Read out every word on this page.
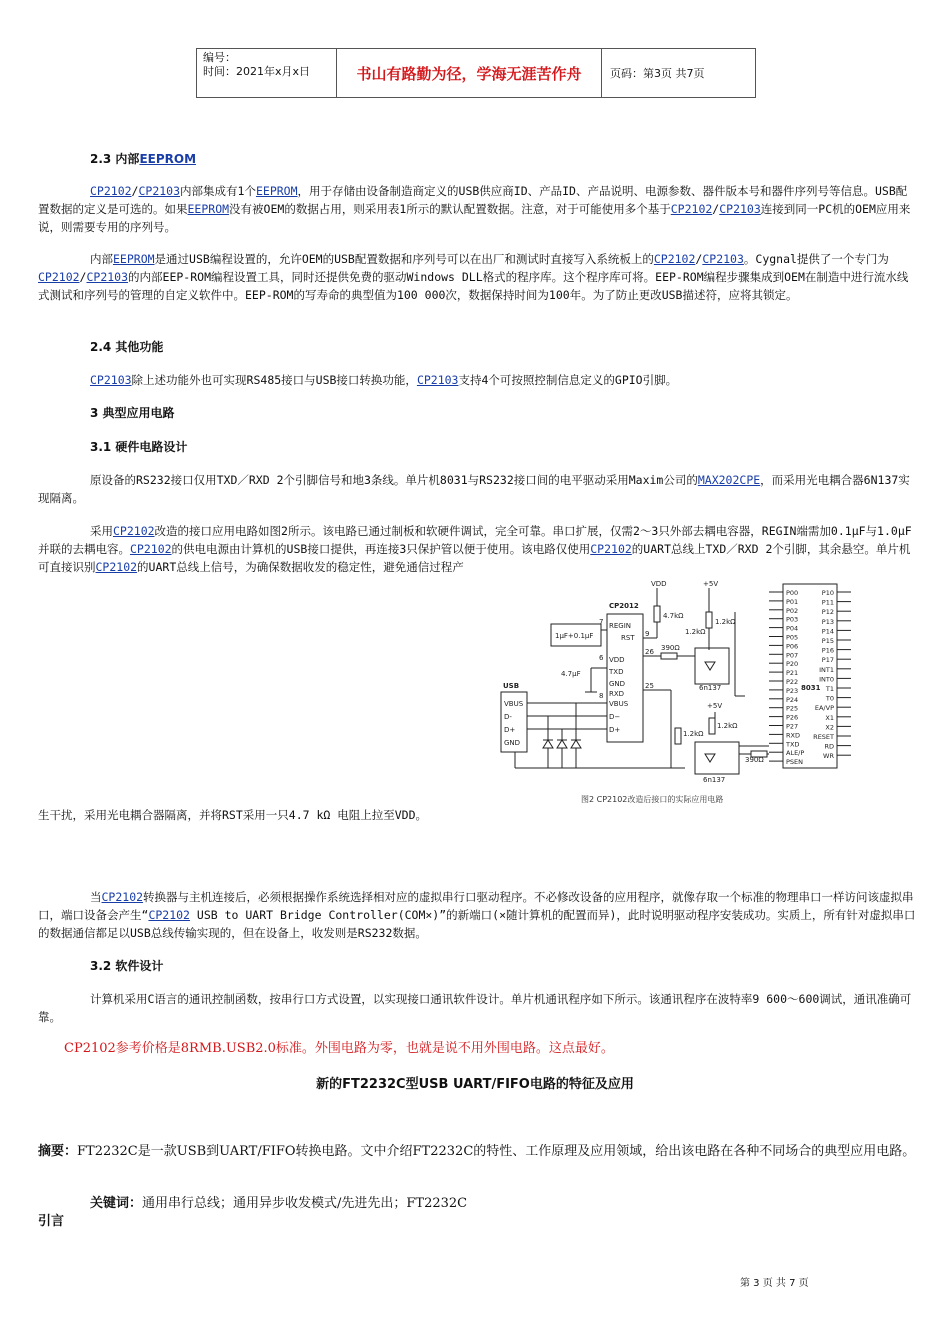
编号：
时间：2021年x月x日	书山有路勤为径，学海无涯苦作舟	页码：第3页 共7页
2.3 内部EEPROM
CP2102/CP2103内部集成有1个EEPROM，用于存储由设备制造商定义的USB供应商ID、产品ID、产品说明、电源参数、器件版本号和器件序列号等信息。USB配置数据的定义是可选的。如果EEPROM没有被OEM的数据占用，则采用表1所示的默认配置数据。注意，对于可能使用多个基于CP2102/CP2103连接到同一PC机的OEM应用来说，则需要专用的序列号。
内部EEPROM是通过USB编程设置的，允许OEM的USB配置数据和序列号可以在出厂和测试时直接写入系统板上的CP2102/CP2103。Cygnal提供了一个专门为CP2102/CP2103的内部EEP-ROM编程设置工具，同时还提供免费的驱动Windows DLL格式的程序库。这个程序库可将。EEP-ROM编程步骤集成到OEM在制造中进行流水线式测试和序列号的管理的自定义软件中。EEP-ROM的写寿命的典型值为100 000次，数据保持时间为100年。为了防止更改USB描述符，应将其锁定。
2.4 其他功能
CP2103除上述功能外也可实现RS485接口与USB接口转换功能，CP2103支持4个可按照控制信息定义的GPIO引脚。
3 典型应用电路
3.1 硬件电路设计
原设备的RS232接口仅用TXD／RXD 2个引脚信号和地3条线。单片机8031与RS232接口间的电平驱动采用Maxim公司的MAX202CPE，而采用光电耦合器6N137实现隔离。
采用CP2102改造的接口应用电路如图2所示。该电路已通过制板和软硬件调试，完全可靠。串口扩展，仅需2～3只外部去耦电容器，REGIN端需加0.1μF与1.0μF并联的去耦电容。CP2102的供电电源由计算机的USB接口提供，再连接3只保护管以便于使用。该电路仅使用CP2102的UART总线上TXD／RXD 2个引脚，其余悬空。单片机可直接识别CP2102的UART总线上信号，为确保数据收发的稳定性，避免通信过程产
USB
VBUS
D-
D+
GND
CP2012
REGIN
RST
VDD
TXD
GND
RXD
VBUS
D−
D+
7
6
8
9
26
25
1μF+0.1μF
4.7μF
VDD
4.7kΩ
+5V
1.2kΩ
1.2kΩ
390Ω
6n137
+5V
1.2kΩ
1.2kΩ
6n137
390Ω
8031
P00
P01
P02
P03
P04
P05
P06
P07
P20
P21
P22
P23
P24
P25
P26
P27
RXD
TXD
ALE/P
PSEN
P10
P11
P12
P13
P14
P15
P16
P17
INT1
INT0
T1
T0
EA/VP
X1
X2
RESET
RD
WR
图2 CP2102改造后接口的实际应用电路
生干扰，采用光电耦合器隔离，并将RST采用一只4.7 kΩ 电阻上拉至VDD。
当CP2102转换器与主机连接后，必须根据操作系统选择相对应的虚拟串行口驱动程序。不必修改设备的应用程序，就像存取一个标准的物理串口一样访问该虚拟串口，端口设备会产生“CP2102 USB to UART Bridge Controller(COM×)”的新端口(×随计算机的配置而异)，此时说明驱动程序安装成功。实质上，所有针对虚拟串口的数据通信都足以USB总线传输实现的，但在设备上，收发则是RS232数据。
3.2 软件设计
计算机采用C语言的通讯控制函数，按串行口方式设置，以实现接口通讯软件设计。单片机通讯程序如下所示。该通讯程序在波特率9 600～600调试，通讯准确可靠。
CP2102参考价格是8RMB.USB2.0标准。外围电路为零，也就是说不用外围电路。这点最好。
新的FT2232C型USB UART/FIFO电路的特征及应用
摘要：FT2232C是一款USB到UART/FIFO转换电路。文中介绍FT2232C的特性、工作原理及应用领域，给出该电路在各种不同场合的典型应用电路。
关键词：通用串行总线；通用异步收发模式/先进先出；FT2232C
引言
第 3 页 共 7 页
